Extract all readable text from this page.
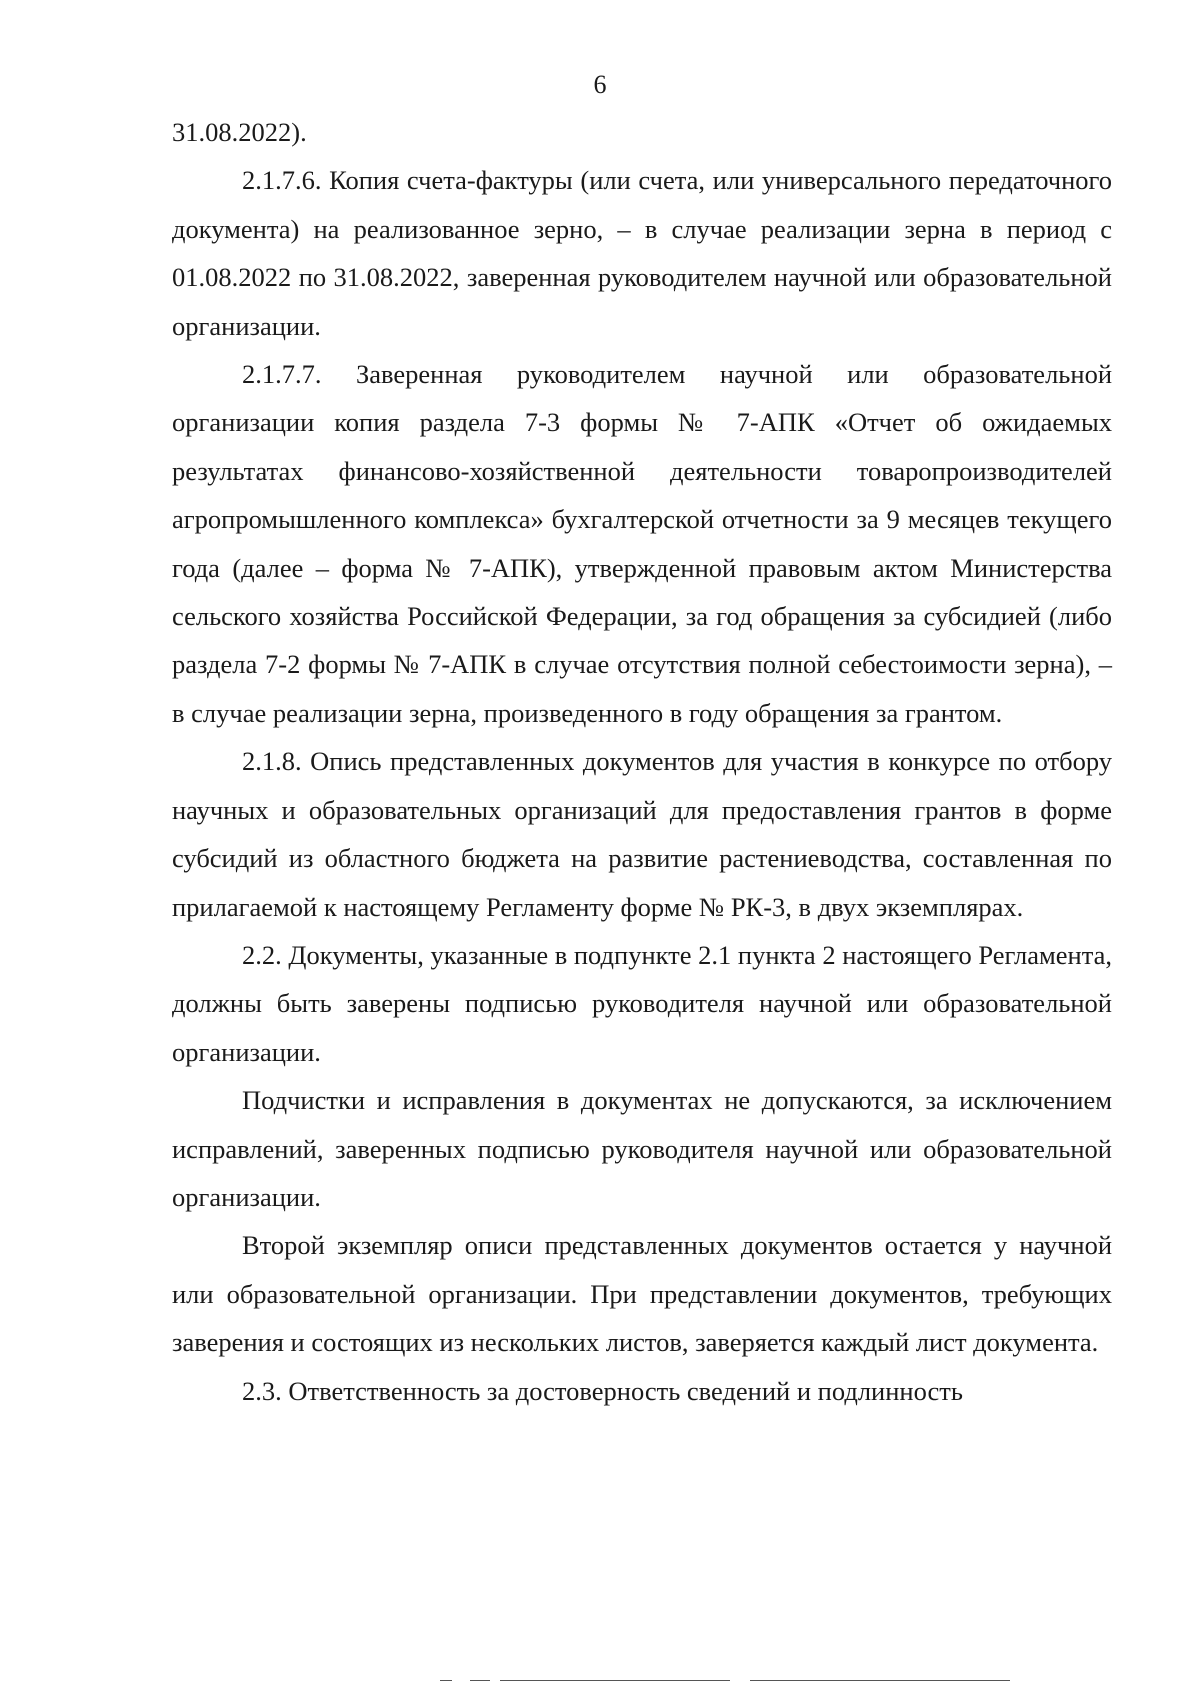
6

31.08.2022).

2.1.7.6. Копия счета-фактуры (или счета, или универсального передаточного документа) на реализованное зерно, – в случае реализации зерна в период с 01.08.2022 по 31.08.2022, заверенная руководителем научной или образовательной организации.

2.1.7.7. Заверенная руководителем научной или образовательной организации копия раздела 7-3 формы № 7-АПК «Отчет об ожидаемых результатах финансово-хозяйственной деятельности товаропроизводителей агропромышленного комплекса» бухгалтерской отчетности за 9 месяцев текущего года (далее – форма № 7-АПК), утвержденной правовым актом Министерства сельского хозяйства Российской Федерации, за год обращения за субсидией (либо раздела 7-2 формы № 7-АПК в случае отсутствия полной себестоимости зерна), – в случае реализации зерна, произведенного в году обращения за грантом.

2.1.8. Опись представленных документов для участия в конкурсе по отбору научных и образовательных организаций для предоставления грантов в форме субсидий из областного бюджета на развитие растениеводства, составленная по прилагаемой к настоящему Регламенту форме № РК-3, в двух экземплярах.

2.2. Документы, указанные в подпункте 2.1 пункта 2 настоящего Регламента, должны быть заверены подписью руководителя научной или образовательной организации.

Подчистки и исправления в документах не допускаются, за исключением исправлений, заверенных подписью руководителя научной или образовательной организации.

Второй экземпляр описи представленных документов остается у научной или образовательной организации. При представлении документов, требующих заверения и состоящих из нескольких листов, заверяется каждый лист документа.

2.3. Ответственность за достоверность сведений и подлинность
